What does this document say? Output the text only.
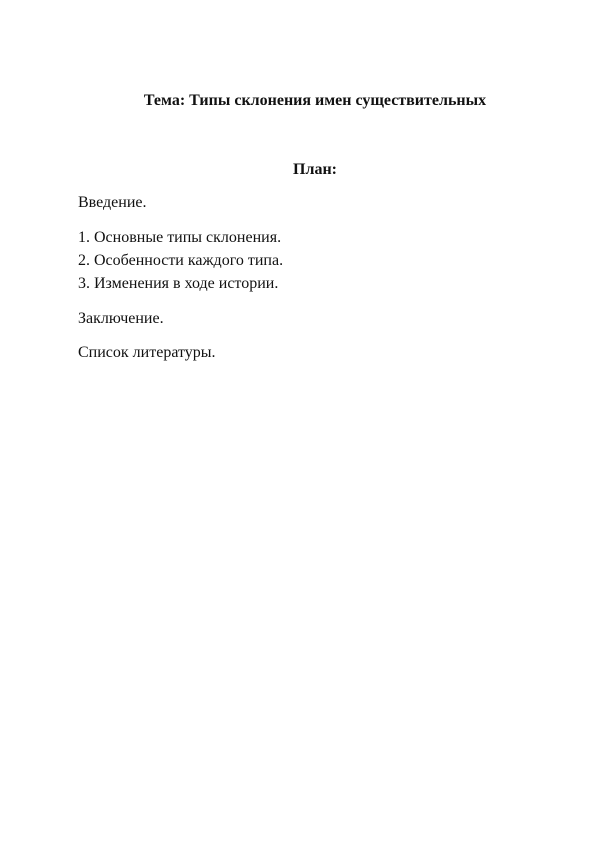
Тема: Типы склонения имен существительных
План:
Введение.
1. Основные типы склонения.
2. Особенности каждого типа.
3. Изменения в ходе истории.
Заключение.
Список литературы.
